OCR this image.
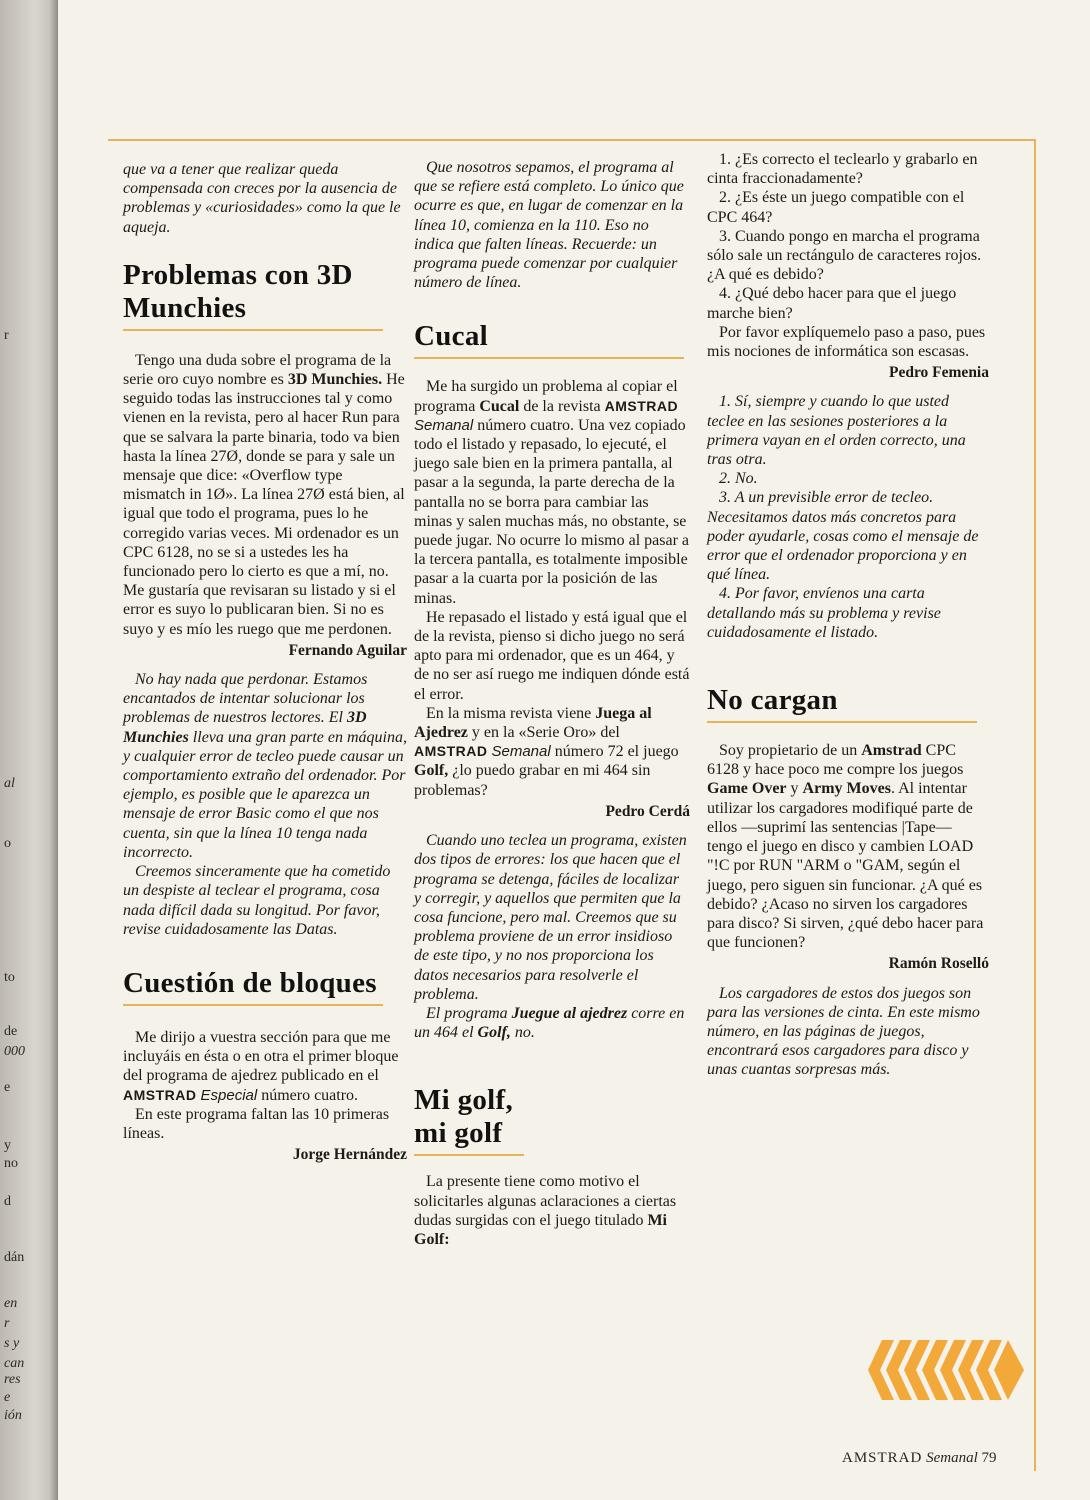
r
al
o
to
de
000
e
y
no
d
dán
en
r
s y
can
res
e
ión

que va a tener que realizar queda compensada con creces por la ausencia de problemas y «curiosidades» como la que le aqueja.

Problemas con 3D Munchies

Tengo una duda sobre el programa de la serie oro cuyo nombre es 3D Munchies. He seguido todas las instrucciones tal y como vienen en la revista, pero al hacer Run para que se salvara la parte binaria, todo va bien hasta la línea 27Ø, donde se para y sale un mensaje que dice: «Overflow type mismatch in 1Ø». La línea 27Ø está bien, al igual que todo el programa, pues lo he corregido varias veces. Mi ordenador es un CPC 6128, no se si a ustedes les ha funcionado pero lo cierto es que a mí, no. Me gustaría que revisaran su listado y si el error es suyo lo publicaran bien. Si no es suyo y es mío les ruego que me perdonen.

Fernando Aguilar

No hay nada que perdonar. Estamos encantados de intentar solucionar los problemas de nuestros lectores. El 3D Munchies lleva una gran parte en máquina, y cualquier error de tecleo puede causar un comportamiento extraño del ordenador. Por ejemplo, es posible que le aparezca un mensaje de error Basic como el que nos cuenta, sin que la línea 10 tenga nada incorrecto.

Creemos sinceramente que ha cometido un despiste al teclear el programa, cosa nada difícil dada su longitud. Por favor, revise cuidadosamente las Datas.

Cuestión de bloques

Me dirijo a vuestra sección para que me incluyáis en ésta o en otra el primer bloque del programa de ajedrez publicado en el AMSTRAD Especial número cuatro.

En este programa faltan las 10 primeras líneas.

Jorge Hernández

Que nosotros sepamos, el programa al que se refiere está completo. Lo único que ocurre es que, en lugar de comenzar en la línea 10, comienza en la 110. Eso no indica que falten líneas. Recuerde: un programa puede comenzar por cualquier número de línea.

Cucal

Me ha surgido un problema al copiar el programa Cucal de la revista AMSTRAD Semanal número cuatro. Una vez copiado todo el listado y repasado, lo ejecuté, el juego sale bien en la primera pantalla, al pasar a la segunda, la parte derecha de la pantalla no se borra para cambiar las minas y salen muchas más, no obstante, se puede jugar. No ocurre lo mismo al pasar a la tercera pantalla, es totalmente imposible pasar a la cuarta por la posición de las minas.

He repasado el listado y está igual que el de la revista, pienso si dicho juego no será apto para mi ordenador, que es un 464, y de no ser así ruego me indiquen dónde está el error.

En la misma revista viene Juega al Ajedrez y en la «Serie Oro» del AMSTRAD Semanal número 72 el juego Golf, ¿lo puedo grabar en mi 464 sin problemas?

Pedro Cerdá

Cuando uno teclea un programa, existen dos tipos de errores: los que hacen que el programa se detenga, fáciles de localizar y corregir, y aquellos que permiten que la cosa funcione, pero mal. Creemos que su problema proviene de un error insidioso de este tipo, y no nos proporciona los datos necesarios para resolverle el problema.

El programa Juegue al ajedrez corre en un 464 el Golf, no.

Mi golf, mi golf

La presente tiene como motivo el solicitarles algunas aclaraciones a ciertas dudas surgidas con el juego titulado Mi Golf:

1. ¿Es correcto el teclearlo y grabarlo en cinta fraccionadamente?

2. ¿Es éste un juego compatible con el CPC 464?

3. Cuando pongo en marcha el programa sólo sale un rectángulo de caracteres rojos. ¿A qué es debido?

4. ¿Qué debo hacer para que el juego marche bien?

Por favor explíquemelo paso a paso, pues mis nociones de informática son escasas.

Pedro Femenia

1. Sí, siempre y cuando lo que usted teclee en las sesiones posteriores a la primera vayan en el orden correcto, una tras otra.

2. No.

3. A un previsible error de tecleo. Necesitamos datos más concretos para poder ayudarle, cosas como el mensaje de error que el ordenador proporciona y en qué línea.

4. Por favor, envíenos una carta detallando más su problema y revise cuidadosamente el listado.

No cargan

Soy propietario de un Amstrad CPC 6128 y hace poco me compre los juegos Game Over y Army Moves. Al intentar utilizar los cargadores modifiqué parte de ellos —suprimí las sentencias |Tape— tengo el juego en disco y cambien LOAD "!C por RUN "ARM o "GAM, según el juego, pero siguen sin funcionar. ¿A qué es debido? ¿Acaso no sirven los cargadores para disco? Si sirven, ¿qué debo hacer para que funcionen?

Ramón Roselló

Los cargadores de estos dos juegos son para las versiones de cinta. En este mismo número, en las páginas de juegos, encontrará esos cargadores para disco y unas cuantas sorpresas más.

AMSTRAD Semanal 79
